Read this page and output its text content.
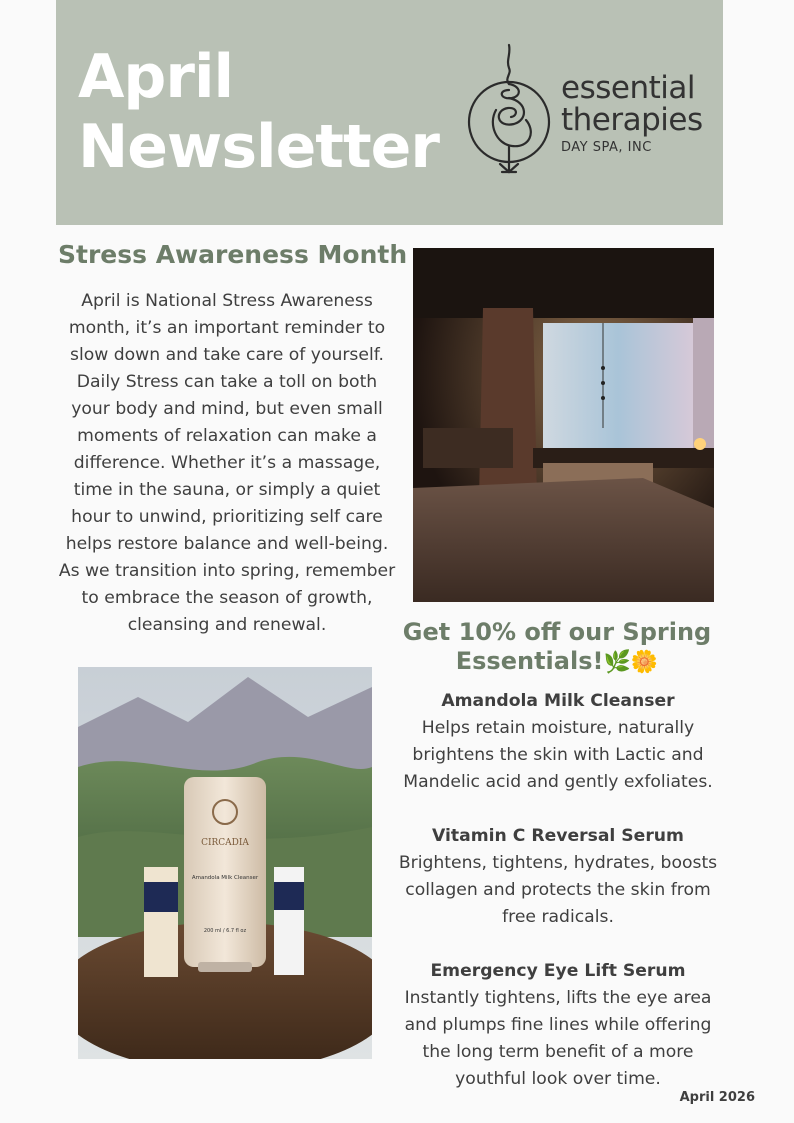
April
Newsletter
essential
therapies
DAY SPA, INC
Stress Awareness Month
April is National Stress Awareness month, it’s an important reminder to slow down and take care of yourself. Daily Stress can take a toll on both your body and mind, but even small moments of relaxation can make a difference. Whether it’s a massage, time in the sauna, or simply a quiet hour to unwind, prioritizing self care helps restore balance and well-being. As we transition into spring, remember to embrace the season of growth, cleansing and renewal.	Get 10% off our Spring Essentials!🌿🌼
Amandola Milk Cleanser
Helps retain moisture, naturally brightens the skin with Lactic and Mandelic acid and gently exfoliates.
Vitamin C Reversal Serum
Brightens, tightens, hydrates, boosts collagen and protects the skin from free radicals.
Emergency Eye Lift Serum
Instantly tightens, lifts the eye area and plumps fine lines while offering the long term benefit of a more youthful look over time.
CIRCADIA
Amandola Milk Cleanser
200 ml / 6.7 fl oz
April 2026
